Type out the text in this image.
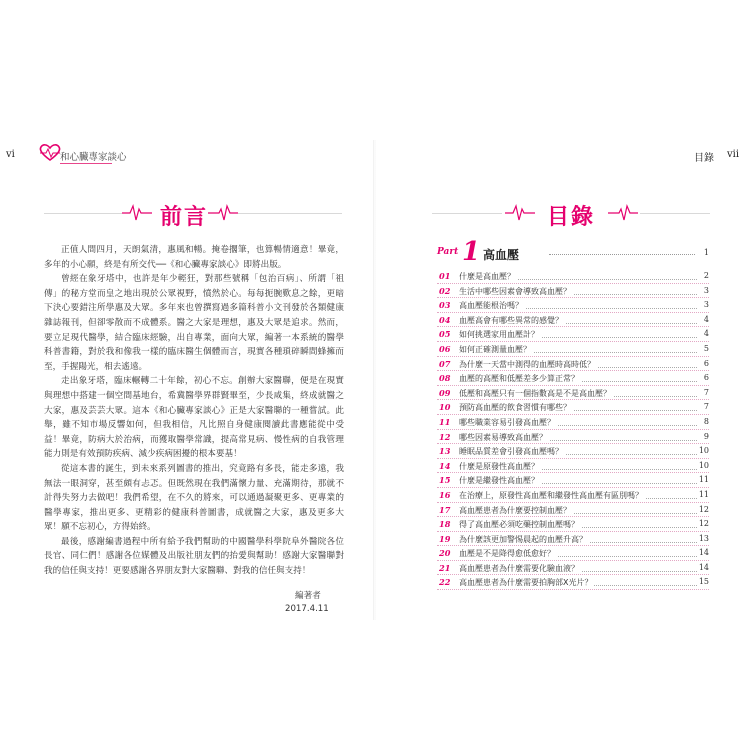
vi	和心臟專家談心
前言

正值人間四月，天朗氣清，惠風和暢。掩卷擱筆，也算暢情適意！畢竟，多年的小心願，終是有所交代──《和心臟專家談心》即將出版。

曾經在象牙塔中，也許是年少輕狂，對那些號稱「包治百病」、所謂「祖傳」的秘方堂而皇之地出現於公眾視野，憤然於心。每每扼腕歎息之餘，更暗下決心要錯注所學惠及大眾。多年來也曾撰寫過多篇科普小文刊發於各類健康雜誌報刊，但卻零散而不成體系。醫之大家是理想，惠及大眾是追求。然而，要立足現代醫學，結合臨床經驗，出自專業，面向大眾，編著一本系統的醫學科普書籍，對於我和像我一樣的臨床醫生個體而言，現實各種瑣碎瞬間蜂擁而至，手握陽光，相去遙遠。

走出象牙塔，臨床輾轉二十年餘，初心不忘。創辦大家醫聯，便是在現實與理想中搭建一個空間基地台，希冀醫學界群賢畢至，少長咸集，終成就醫之大家，惠及芸芸大眾。這本《和心臟專家談心》正是大家醫聯的一種嘗試。此舉，雖不知市場反響如何，但我相信，凡比照自身健康閱讀此書應能從中受益！畢竟，防病大於治病，而獲取醫學常識，提高常見病、慢性病的自我管理能力則是有效預防疾病、減少疾病困擾的根本要基！

從這本書的誕生，到未來系列圖書的推出，究竟路有多長，能走多遠，我無法一眼洞穿，甚至頗有忐忑。但既然現在我們滿懷力量、充滿期待，那就不計得失努力去做吧！我們希望，在不久的將來，可以通過凝聚更多、更專業的醫學專家，推出更多、更精彩的健康科普圖書，成就醫之大家，惠及更多大眾！願不忘初心，方得始終。

最後，感謝編書過程中所有給予我們幫助的中國醫學科學院阜外醫院各位長官、同仁們！感謝各位媒體及出版社朋友們的抬愛與幫助！感謝大家醫聯對我的信任與支持！更要感謝各界朋友對大家醫聯、對我的信任與支持！

編著者
2017.4.11
目錄 vii
目錄
Part 1 高血壓	1
01	什麼是高血壓？	2
02	生活中哪些因素會導致高血壓？	3
03	高血壓能根治嗎？	3
04	血壓高會有哪些異常的感覺？	4
05	如何挑選家用血壓計？	4
06	如何正確測量血壓？	5
07	為什麼一天當中測得的血壓時高時低？	6
08	血壓的高壓和低壓差多少算正常？	6
09	低壓和高壓只有一個指數高是不是高血壓？	7
10	預防高血壓的飲食習慣有哪些？	7
11	哪些職業容易引發高血壓？	8
12	哪些因素易導致高血壓？	9
13	睡眠品質差會引發高血壓嗎？	10
14	什麼是原發性高血壓？	10
15	什麼是繼發性高血壓？	11
16	在治療上，原發性高血壓和繼發性高血壓有區別嗎？	11
17	高血壓患者為什麼要控制血壓？	12
18	得了高血壓必須吃藥控制血壓嗎？	12
19	為什麼該更加警惕晨起的血壓升高？	13
20	血壓是不是降得愈低愈好？	14
21	高血壓患者為什麼需要化驗血液？	14
22	高血壓患者為什麼需要拍胸部X光片？	15
